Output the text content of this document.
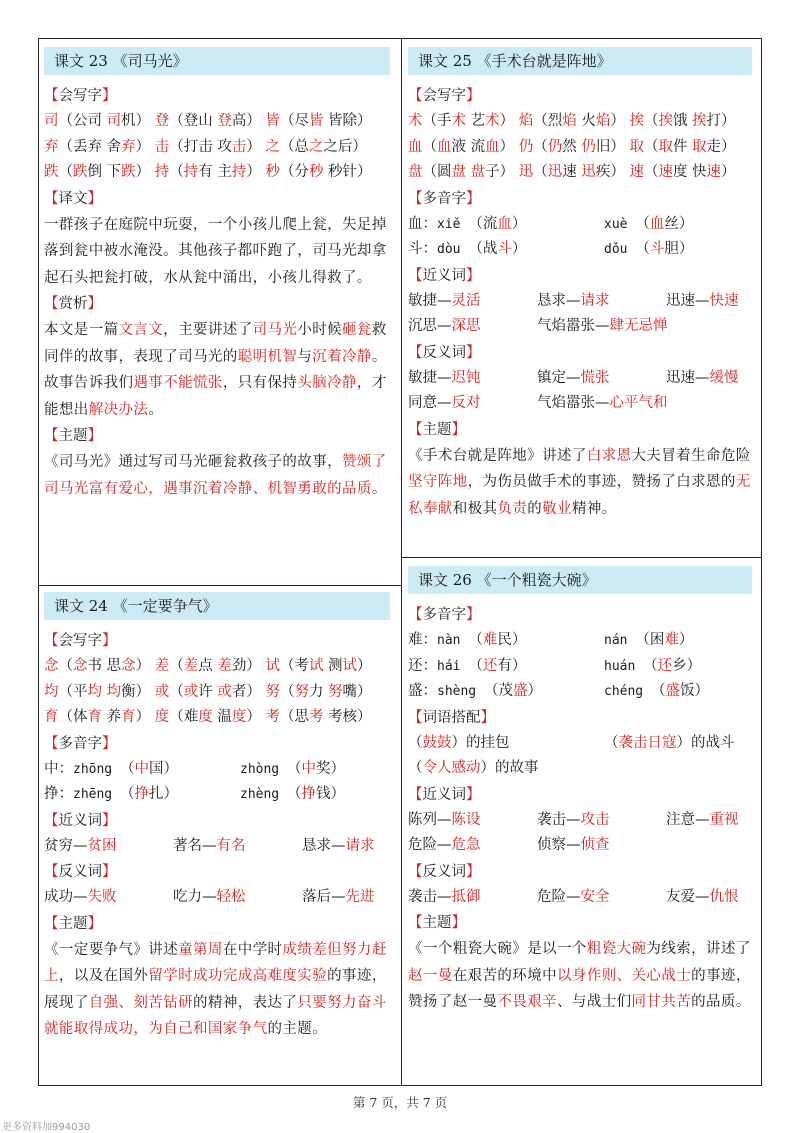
课文 23 《司马光》
【会写字】
司（公司 司机） 登（登山 登高） 皆（尽皆 皆除）
弃（丢弃 舍弃） 击（打击 攻击） 之（总之之后）
跌（跌倒 下跌） 持（持有 主持） 秒（分秒 秒针）
【译文】
一群孩子在庭院中玩耍，一个小孩儿爬上瓮，失足掉落到瓮中被水淹没。其他孩子都吓跑了，司马光却拿起石头把瓮打破，水从瓮中涌出，小孩儿得救了。
【赏析】
本文是一篇文言文，主要讲述了司马光小时候砸瓮救同伴的故事，表现了司马光的聪明机智与沉着冷静。故事告诉我们遇事不能慌张，只有保持头脑冷静，才能想出解决办法。
【主题】
《司马光》通过写司马光砸瓮救孩子的故事，赞颂了司马光富有爱心，遇事沉着冷静、机智勇敢的品质。
课文 24 《一定要争气》
【会写字】
念（念书 思念） 差（差点 差劲） 试（考试 测试）
均（平均 均衡） 或（或许 或者） 努（努力 努嘴）
育（体育 养育） 度（难度 温度） 考（思考 考核）
【多音字】
中：zhōng （中国）	zhòng （中奖）
挣：zhēng （挣扎）	zhèng （挣钱）
【近义词】
贫穷—贫困	著名—有名	恳求—请求
【反义词】
成功—失败	吃力—轻松	落后—先进
【主题】
《一定要争气》讲述童第周在中学时成绩差但努力赶上，以及在国外留学时成功完成高难度实验的事迹，展现了自强、刻苦钻研的精神，表达了只要努力奋斗就能取得成功，为自己和国家争气的主题。
课文 25 《手术台就是阵地》
【会写字】
术（手术 艺术） 焰（烈焰 火焰） 挨（挨饿 挨打）
血（血液 流血） 仍（仍然 仍旧） 取（取件 取走）
盘（圆盘 盘子） 迅（迅速 迅疾） 速（速度 快速）
【多音字】
血：xiě （流血）	xuè （血丝）
斗：dòu （战斗）	dǒu （斗胆）
【近义词】
敏捷—灵活	恳求—请求	迅速—快速
沉思—深思	气焰嚣张—肆无忌惮
【反义词】
敏捷—迟钝	镇定—慌张	迅速—缓慢
同意—反对	气焰嚣张—心平气和
【主题】
《手术台就是阵地》讲述了白求恩大夫冒着生命危险坚守阵地，为伤员做手术的事迹，赞扬了白求恩的无私奉献和极其负责的敬业精神。
课文 26 《一个粗瓷大碗》
【多音字】
难：nàn （难民）	nán （困难）
还：hái （还有）	huán （还乡）
盛：shèng （茂盛）	chéng （盛饭）
【词语搭配】
（鼓鼓）的挂包	（袭击日寇）的战斗
（令人感动）的故事
【近义词】
陈列—陈设	袭击—攻击	注意—重视
危险—危急	侦察—侦查
【反义词】
袭击—抵御	危险—安全	友爱—仇恨
【主题】
《一个粗瓷大碗》是以一个粗瓷大碗为线索，讲述了赵一曼在艰苦的环境中以身作则、关心战士的事迹，赞扬了赵一曼不畏艰辛、与战士们同甘共苦的品质。
第 7 页，共 7 页
更多资料加994030
